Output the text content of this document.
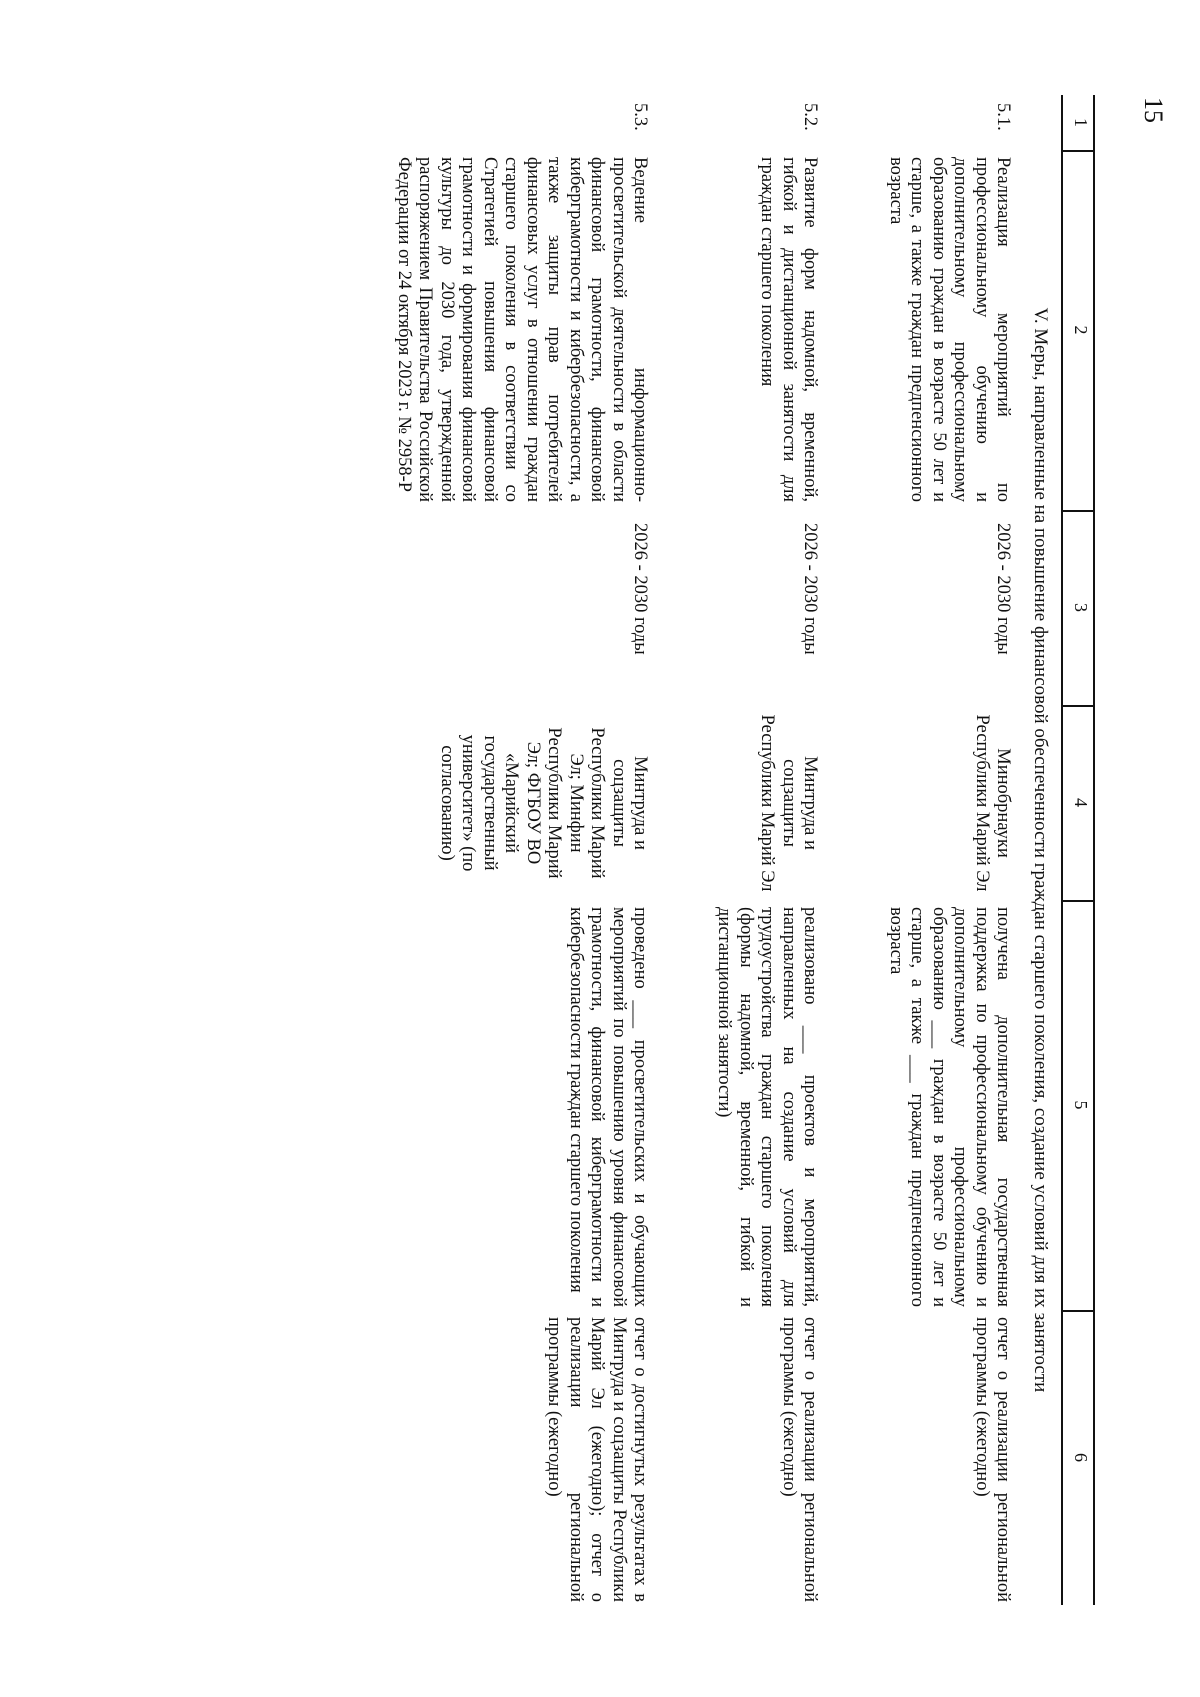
15
1
2
3
4
5
6
V. Меры, направленные на повышение финансовой обеспеченности граждан старшего поколения, создание условий для их занятости
5.1.
Реализация мероприятий по профессиональному обучению и дополнительному профессиональному образованию граждан в возрасте 50 лет и старше, а также граждан предпенсионного возраста
2026 - 2030 годы
Минобрнауки Республики Марий Эл
получена дополнительная государственная поддержка по профессиональному обучению и дополнительному профессиональному образованию ___ граждан в возрасте 50 лет и старше, а также ___ граждан предпенсионного возраста
отчет о реализации региональной программы (ежегодно)
5.2.
Развитие форм надомной, временной, гибкой и дистанционной занятости для граждан старшего поколения
2026 - 2030 годы
Минтруда и соцзащиты Республики Марий Эл
реализовано ___ проектов и мероприятий, направленных на создание условий для трудоустройства граждан старшего поколения (формы надомной, временной, гибкой и дистанционной занятости)
отчет о реализации региональной программы (ежегодно)
5.3.
Ведение информационно-просветительской деятельности в области финансовой грамотности, финансовой киберграмотности и кибербезопасности, а также защиты прав потребителей финансовых услуг в отношении граждан старшего поколения в соответствии со Стратегией повышения финансовой грамотности и формирования финансовой культуры до 2030 года, утвержденной распоряжением Правительства Российской Федерации от 24 октября 2023 г. № 2958-Р
2026 - 2030 годы
Минтруда и соцзащиты Республики Марий Эл; Минфин Республики Марий Эл; ФГБОУ ВО «Марийский государственный университет» (по согласованию)
проведено ___ просветительских и обучающих мероприятий по повышению уровня финансовой грамотности, финансовой киберграмотности и кибербезопасности граждан старшего поколения
отчет о достигнутых результатах в Минтруда и соцзащиты Республики Марий Эл (ежегодно); отчет о реализации региональной программы (ежегодно)
